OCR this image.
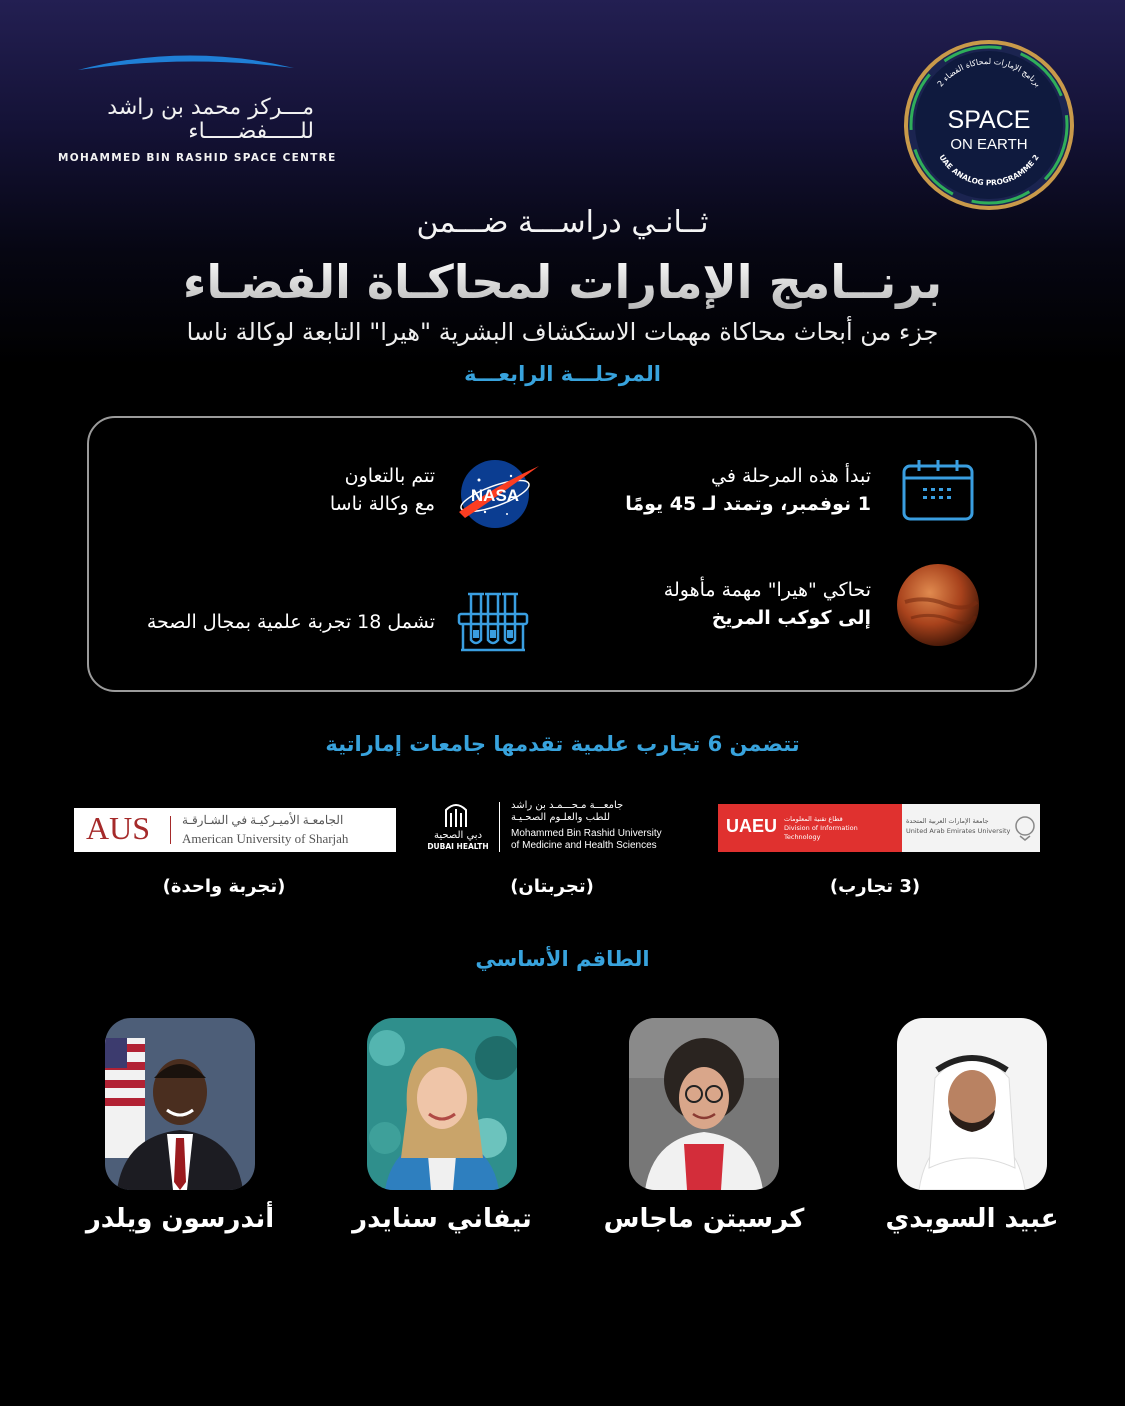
مـــركز محمد بن راشد
للـــــفضـــــاء
MOHAMMED BIN RASHID SPACE CENTRE
برنامج الإمارات لمحاكاة الفضاء 2
UAE ANALOG PROGRAMME 2
SPACE
ON EARTH
ثــانـي دراســـة ضـــمن
برنــامج الإمارات لمحاكـاة الفضـاء
جزء من أبحاث محاكاة مهمات الاستكشاف البشرية "هيرا" التابعة لوكالة ناسا
المرحلـــة الرابعـــة
تبدأ هذه المرحلة في
1 نوفمبر، وتمتد لـ 45 يومًا
NASA
تتم بالتعاون
مع وكالة ناسا
تحاكي "هيرا" مهمة مأهولة
إلى كوكب المريخ
تشمل 18 تجربة علمية بمجال الصحة
تتضمن 6 تجارب علمية تقدمها جامعات إماراتية
UAEU قطاع تقنية المعلومات
Division of Information Technology
جامعة الإمارات العربية المتحدة
United Arab Emirates University
(3 تجارب)
دبي الصحية
DUBAI HEALTH
جامعـــة مـحـــمـد بن راشد
للطب والعلـوم الصحـيـة
Mohammed Bin Rashid University
of Medicine and Health Sciences
(تجربتان)
AUS	الجامعـة الأميـركيـة في الشـارقـة
American University of Sharjah
(تجربة واحدة)
الطاقم الأساسي
عبيد السويدي
كرسيتن ماجاس
تيفاني سنايدر
أندرسون ويلدر
